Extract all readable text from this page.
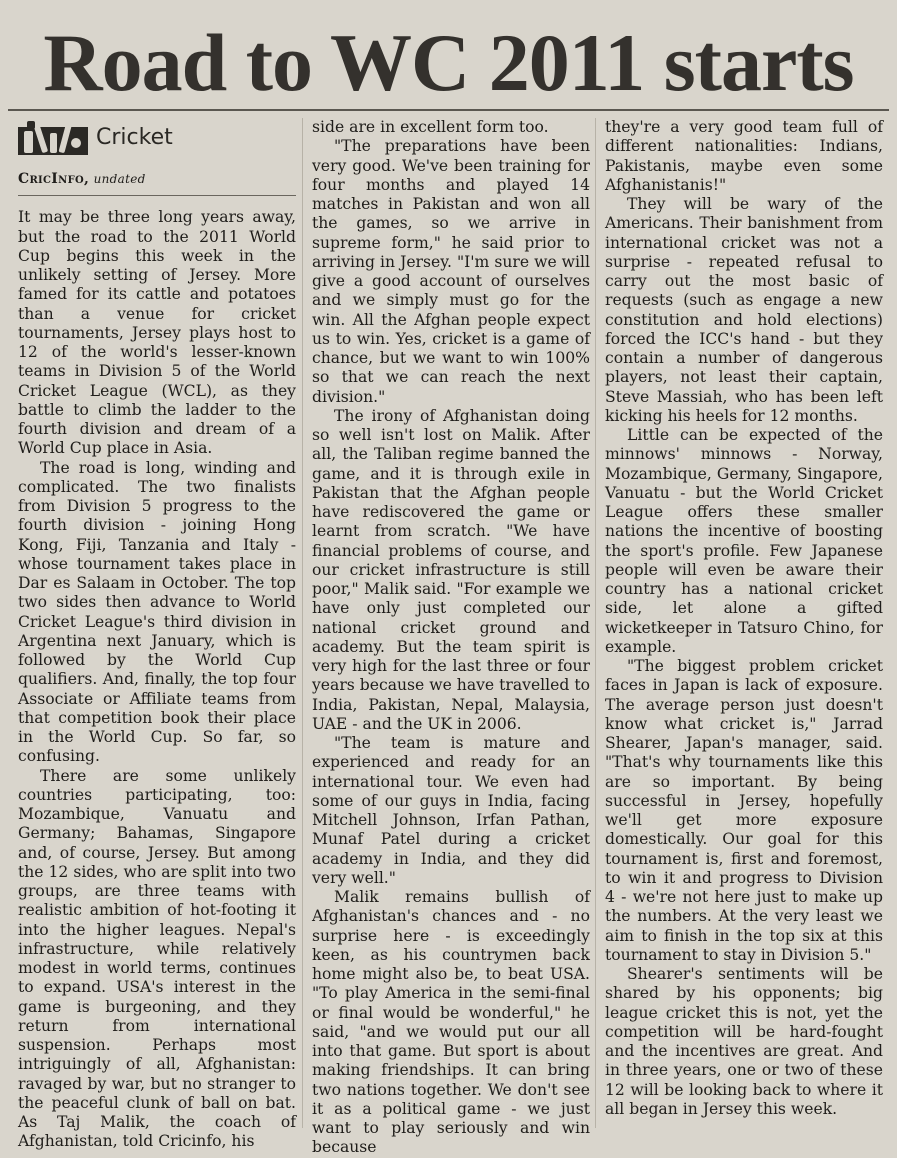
Road to WC 2011 starts
Cricket
CricInfo, undated

It may be three long years away, but the road to the 2011 World Cup begins this week in the unlikely setting of Jersey. More famed for its cattle and potatoes than a venue for cricket tournaments, Jersey plays host to 12 of the world's lesser-known teams in Division 5 of the World Cricket League (WCL), as they battle to climb the ladder to the fourth division and dream of a World Cup place in Asia.

The road is long, winding and complicated. The two finalists from Division 5 progress to the fourth division - joining Hong Kong, Fiji, Tanzania and Italy - whose tournament takes place in Dar es Salaam in October. The top two sides then advance to World Cricket League's third division in Argentina next January, which is followed by the World Cup qualifiers. And, finally, the top four Associate or Affiliate teams from that competition book their place in the World Cup. So far, so confusing.

There are some unlikely countries participating, too: Mozambique, Vanuatu and Germany; Bahamas, Singapore and, of course, Jersey. But among the 12 sides, who are split into two groups, are three teams with realistic ambition of hot-footing it into the higher leagues. Nepal's infrastructure, while relatively modest in world terms, continues to expand. USA's interest in the game is burgeoning, and they return from international suspension. Perhaps most intriguingly of all, Afghanistan: ravaged by war, but no stranger to the peaceful clunk of ball on bat. As Taj Malik, the coach of Afghanistan, told Cricinfo, his

side are in excellent form too.

"The preparations have been very good. We've been training for four months and played 14 matches in Pakistan and won all the games, so we arrive in supreme form," he said prior to arriving in Jersey. "I'm sure we will give a good account of ourselves and we simply must go for the win. All the Afghan people expect us to win. Yes, cricket is a game of chance, but we want to win 100% so that we can reach the next division."

The irony of Afghanistan doing so well isn't lost on Malik. After all, the Taliban regime banned the game, and it is through exile in Pakistan that the Afghan people have rediscovered the game or learnt from scratch. "We have financial problems of course, and our cricket infrastructure is still poor," Malik said. "For example we have only just completed our national cricket ground and academy. But the team spirit is very high for the last three or four years because we have travelled to India, Pakistan, Nepal, Malaysia, UAE - and the UK in 2006.

"The team is mature and experienced and ready for an international tour. We even had some of our guys in India, facing Mitchell Johnson, Irfan Pathan, Munaf Patel during a cricket academy in India, and they did very well."

Malik remains bullish of Afghanistan's chances and - no surprise here - is exceedingly keen, as his countrymen back home might also be, to beat USA. "To play America in the semi-final or final would be wonderful," he said, "and we would put our all into that game. But sport is about making friendships. It can bring two nations together. We don't see it as a political game - we just want to play seriously and win because

they're a very good team full of different nationalities: Indians, Pakistanis, maybe even some Afghanistanis!"

They will be wary of the Americans. Their banishment from international cricket was not a surprise - repeated refusal to carry out the most basic of requests (such as engage a new constitution and hold elections) forced the ICC's hand - but they contain a number of dangerous players, not least their captain, Steve Massiah, who has been left kicking his heels for 12 months.

Little can be expected of the minnows' minnows - Norway, Mozambique, Germany, Singapore, Vanuatu - but the World Cricket League offers these smaller nations the incentive of boosting the sport's profile. Few Japanese people will even be aware their country has a national cricket side, let alone a gifted wicketkeeper in Tatsuro Chino, for example.

"The biggest problem cricket faces in Japan is lack of exposure. The average person just doesn't know what cricket is," Jarrad Shearer, Japan's manager, said. "That's why tournaments like this are so important. By being successful in Jersey, hopefully we'll get more exposure domestically. Our goal for this tournament is, first and foremost, to win it and progress to Division 4 - we're not here just to make up the numbers. At the very least we aim to finish in the top six at this tournament to stay in Division 5."

Shearer's sentiments will be shared by his opponents; big league cricket this is not, yet the competition will be hard-fought and the incentives are great. And in three years, one or two of these 12 will be looking back to where it all began in Jersey this week.
